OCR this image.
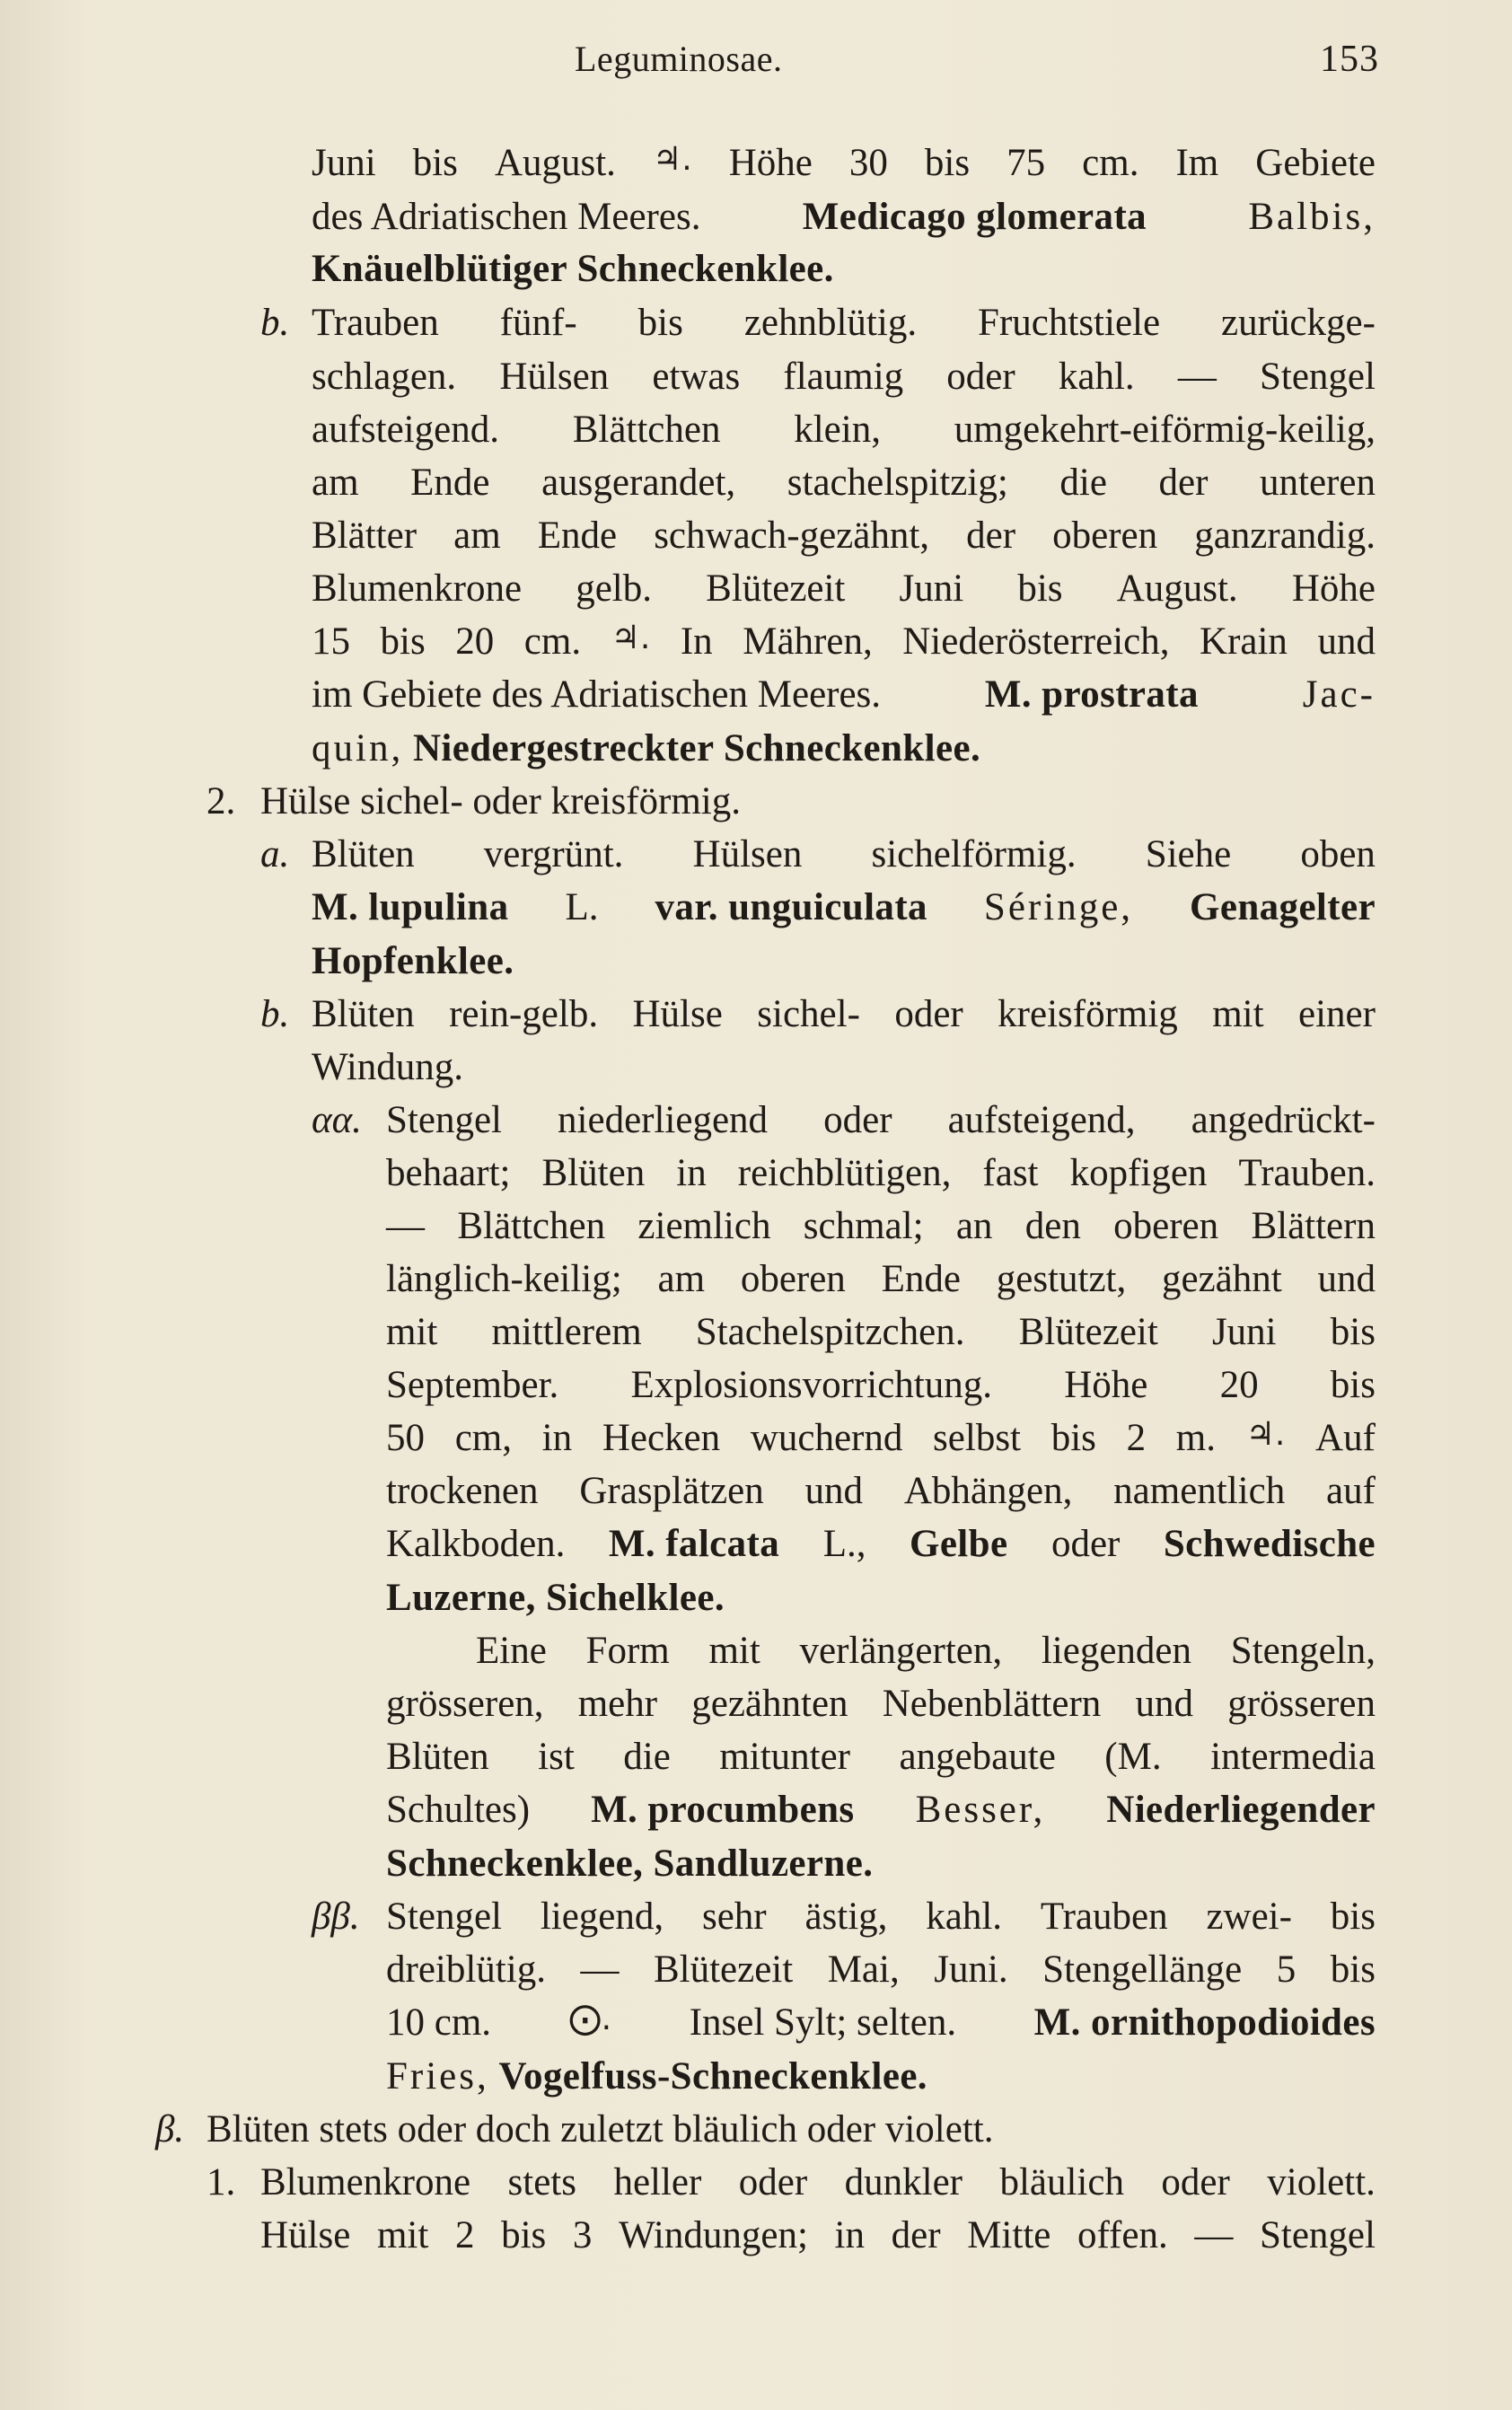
Leguminosae.	153
Juni bis August. ♃. Höhe 30 bis 75 cm. Im Gebiete
des Adriatischen Meeres.	Medicago glomerata	Balbis,
Knäuelblütiger Schneckenklee.
b. Trauben fünf- bis zehnblütig. Fruchtstiele zurückge-
schlagen. Hülsen etwas flaumig oder kahl. — Stengel
aufsteigend. Blättchen klein, umgekehrt-eiförmig-keilig,
am Ende ausgerandet, stachelspitzig; die der unteren
Blätter am Ende schwach-gezähnt, der oberen ganzrandig.
Blumenkrone gelb. Blütezeit Juni bis August. Höhe
15 bis 20 cm. ♃. In Mähren, Niederösterreich, Krain und
im Gebiete des Adriatischen Meeres.	M. prostrata	Jac-
quin, Niedergestreckter Schneckenklee.
2. Hülse sichel- oder kreisförmig.
a. Blüten vergrünt. Hülsen sichelförmig. Siehe oben
M. lupulina L. var. unguiculata Séringe, Genagelter
Hopfenklee.
b. Blüten rein-gelb. Hülse sichel- oder kreisförmig mit einer
Windung.
αα. Stengel niederliegend oder aufsteigend, angedrückt-
behaart; Blüten in reichblütigen, fast kopfigen Trauben.
— Blättchen ziemlich schmal; an den oberen Blättern
länglich-keilig; am oberen Ende gestutzt, gezähnt und
mit mittlerem Stachelspitzchen. Blütezeit Juni bis
September. Explosionsvorrichtung. Höhe 20 bis
50 cm, in Hecken wuchernd selbst bis 2 m. ♃. Auf
trockenen Grasplätzen und Abhängen, namentlich auf
Kalkboden. M. falcata L., Gelbe oder Schwedische
Luzerne, Sichelklee.
Eine Form mit verlängerten, liegenden Stengeln,
grösseren, mehr gezähnten Nebenblättern und grösseren
Blüten ist die mitunter angebaute (M. intermedia
Schultes) M. procumbens Besser, Niederliegender
Schneckenklee, Sandluzerne.
ββ. Stengel liegend, sehr ästig, kahl. Trauben zwei- bis
dreiblütig. — Blütezeit Mai, Juni. Stengellänge 5 bis
10 cm. ⨀. Insel Sylt; selten. M. ornithopodioides
Fries, Vogelfuss-Schneckenklee.
β. Blüten stets oder doch zuletzt bläulich oder violett.
1. Blumenkrone stets heller oder dunkler bläulich oder violett.
Hülse mit 2 bis 3 Windungen; in der Mitte offen. — Stengel
